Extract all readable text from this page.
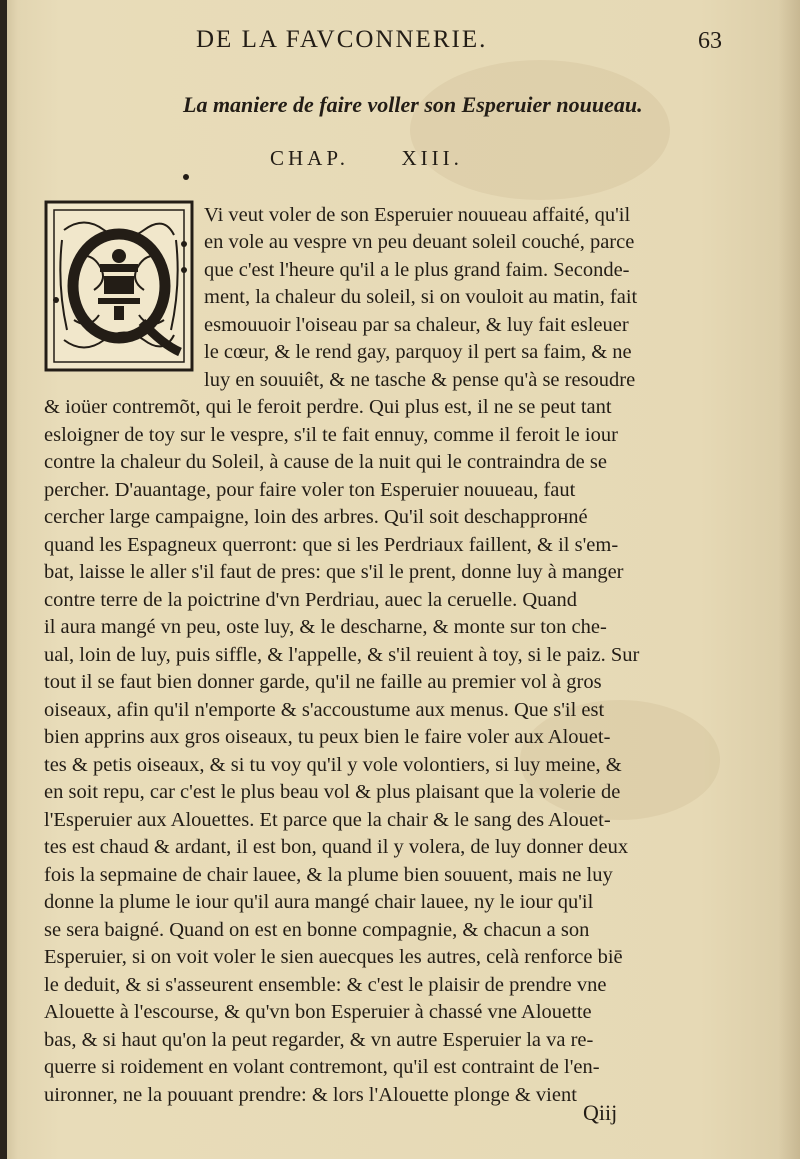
DE LA FAVCONNERIE.	63
La maniere de faire voller son Esperuier nouueau.
CHAP.	XIII.
Vi veut voler de son Esperuier nouueau affaité, qu'il
en vole au vespre vn peu deuant soleil couché, parce
que c'est l'heure qu'il a le plus grand faim. Seconde-
ment, la chaleur du soleil, si on vouloit au matin, fait
esmouuoir l'oiseau par sa chaleur, & luy fait esleuer
le cœur, & le rend gay, parquoy il pert sa faim, & ne
luy en souuiêt, & ne tasche & pense qu'à se resoudre
& ioüer contremõt, qui le feroit perdre. Qui plus est, il ne se peut tant
esloigner de toy sur le vespre, s'il te fait ennuy, comme il feroit le iour
contre la chaleur du Soleil, à cause de la nuit qui le contraindra de se
percher. D'auantage, pour faire voler ton Esperuier nouueau, faut
cercher large campaigne, loin des arbres. Qu'il soit deschapprонné
quand les Espagneux querront: que si les Perdriaux faillent, & il s'em-
bat, laisse le aller s'il faut de pres: que s'il le prent, donne luy à manger
contre terre de la poictrine d'vn Perdriau, auec la ceruelle. Quand
il aura mangé vn peu, oste luy, & le descharne, & monte sur ton che-
ual, loin de luy, puis siffle, & l'appelle, & s'il reuient à toy, si le paiz. Sur
tout il se faut bien donner garde, qu'il ne faille au premier vol à gros
oiseaux, afin qu'il n'emporte & s'accoustume aux menus. Que s'il est
bien apprins aux gros oiseaux, tu peux bien le faire voler aux Alouet-
tes & petis oiseaux, & si tu voy qu'il y vole volontiers, si luy meine, &
en soit repu, car c'est le plus beau vol & plus plaisant que la volerie de
l'Esperuier aux Alouettes. Et parce que la chair & le sang des Alouet-
tes est chaud & ardant, il est bon, quand il y volera, de luy donner deux
fois la sepmaine de chair lauee, & la plume bien souuent, mais ne luy
donne la plume le iour qu'il aura mangé chair lauee, ny le iour qu'il
se sera baigné. Quand on est en bonne compagnie, & chacun a son
Esperuier, si on voit voler le sien auecques les autres, celà renforce biē
le deduit, & si s'asseurent ensemble: & c'est le plaisir de prendre vne
Alouette à l'escourse, & qu'vn bon Esperuier à chassé vne Alouette
bas, & si haut qu'on la peut regarder, & vn autre Esperuier la va re-
querre si roidement en volant contremont, qu'il est contraint de l'en-
uironner, ne la pouuant prendre: & lors l'Alouette plonge & vient
Qiij
